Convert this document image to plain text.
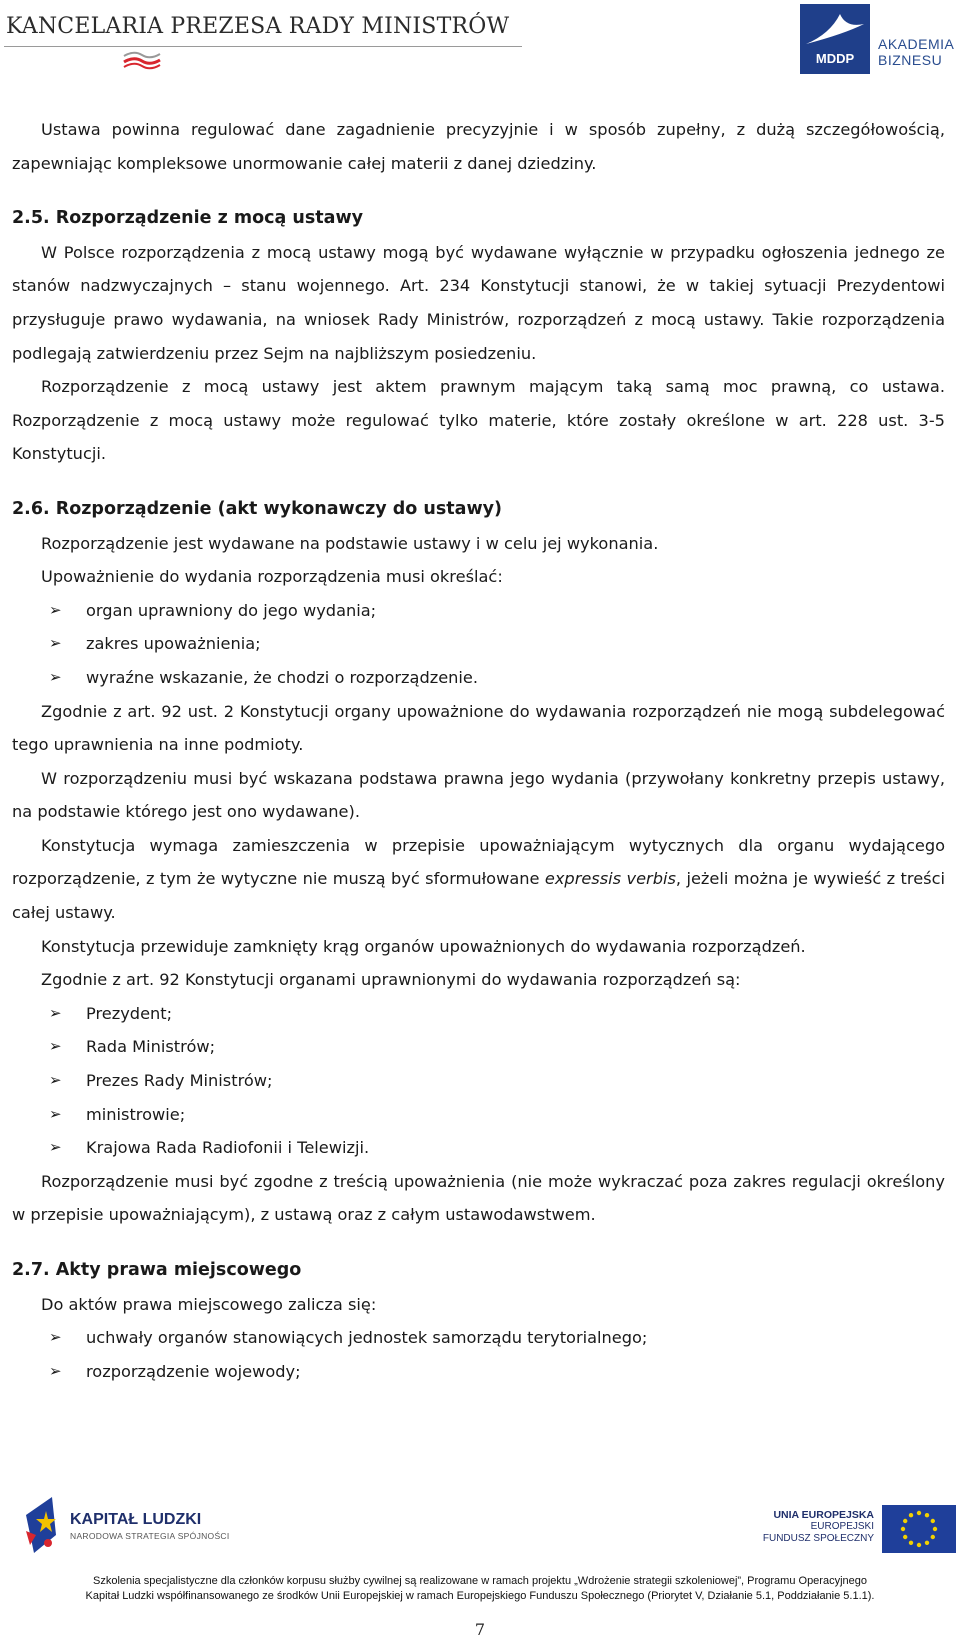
KANCELARIA PREZESA RADY MINISTRÓW
MDDP
AKADEMIA
BIZNESU

Ustawa powinna regulować dane zagadnienie precyzyjnie i w sposób zupełny, z dużą szczegółowością, zapewniając kompleksowe unormowanie całej materii z danej dziedziny.

2.5. Rozporządzenie z mocą ustawy

W Polsce rozporządzenia z mocą ustawy mogą być wydawane wyłącznie w przypadku ogłoszenia jednego ze stanów nadzwyczajnych – stanu wojennego. Art. 234 Konstytucji stanowi, że w takiej sytuacji Prezydentowi przysługuje prawo wydawania, na wniosek Rady Ministrów, rozporządzeń z mocą ustawy. Takie rozporządzenia podlegają zatwierdzeniu przez Sejm na najbliższym posiedzeniu.

Rozporządzenie z mocą ustawy jest aktem prawnym mającym taką samą moc prawną, co ustawa. Rozporządzenie z mocą ustawy może regulować tylko materie, które zostały określone w art. 228 ust. 3-5 Konstytucji.

2.6. Rozporządzenie (akt wykonawczy do ustawy)

Rozporządzenie jest wydawane na podstawie ustawy i w celu jej wykonania.

Upoważnienie do wydania rozporządzenia musi określać:

➢ organ uprawniony do jego wydania;
➢ zakres upoważnienia;
➢ wyraźne wskazanie, że chodzi o rozporządzenie.

Zgodnie z art. 92 ust. 2 Konstytucji organy upoważnione do wydawania rozporządzeń nie mogą subdelegować tego uprawnienia na inne podmioty.

W rozporządzeniu musi być wskazana podstawa prawna jego wydania (przywołany konkretny przepis ustawy, na podstawie którego jest ono wydawane).

Konstytucja wymaga zamieszczenia w przepisie upoważniającym wytycznych dla organu wydającego rozporządzenie, z tym że wytyczne nie muszą być sformułowane expressis verbis, jeżeli można je wywieść z treści całej ustawy.

Konstytucja przewiduje zamknięty krąg organów upoważnionych do wydawania rozporządzeń.

Zgodnie z art. 92 Konstytucji organami uprawnionymi do wydawania rozporządzeń są:

➢ Prezydent;
➢ Rada Ministrów;
➢ Prezes Rady Ministrów;
➢ ministrowie;
➢ Krajowa Rada Radiofonii i Telewizji.

Rozporządzenie musi być zgodne z treścią upoważnienia (nie może wykraczać poza zakres regulacji określony w przepisie upoważniającym), z ustawą oraz z całym ustawodawstwem.

2.7. Akty prawa miejscowego

Do aktów prawa miejscowego zalicza się:

➢ uchwały organów stanowiących jednostek samorządu terytorialnego;
➢ rozporządzenie wojewody;
KAPITAŁ LUDZKI
NARODOWA STRATEGIA SPÓJNOŚCI
UNIA EUROPEJSKA
EUROPEJSKI
FUNDUSZ SPOŁECZNY
Szkolenia specjalistyczne dla członków korpusu służby cywilnej są realizowane w ramach projektu „Wdrożenie strategii szkoleniowej”, Programu Operacyjnego
Kapitał Ludzki współfinansowanego ze środków Unii Europejskiej w ramach Europejskiego Funduszu Społecznego (Priorytet V, Działanie 5.1, Poddziałanie 5.1.1).
7
